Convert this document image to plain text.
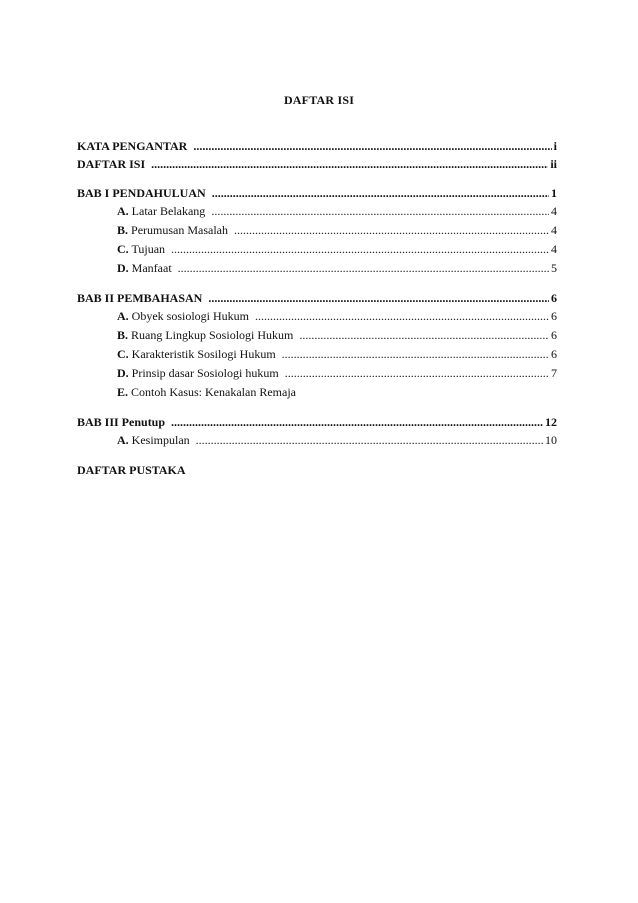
DAFTAR ISI
KATA PENGANTAR .....	i
DAFTAR ISI .....	ii
BAB I PENDAHULUAN .....	1
A. Latar Belakang .....	4
B. Perumusan Masalah .....	4
C. Tujuan .....	4
D. Manfaat .....	5
BAB II PEMBAHASAN .....	6
A. Obyek sosiologi Hukum .....	6
B. Ruang Lingkup Sosiologi Hukum .....	6
C. Karakteristik Sosilogi Hukum .....	6
D. Prinsip dasar Sosiologi hukum .....	7
E. Contoh Kasus: Kenakalan Remaja
BAB III Penutup .....	12
A. Kesimpulan .....	10
DAFTAR PUSTAKA
